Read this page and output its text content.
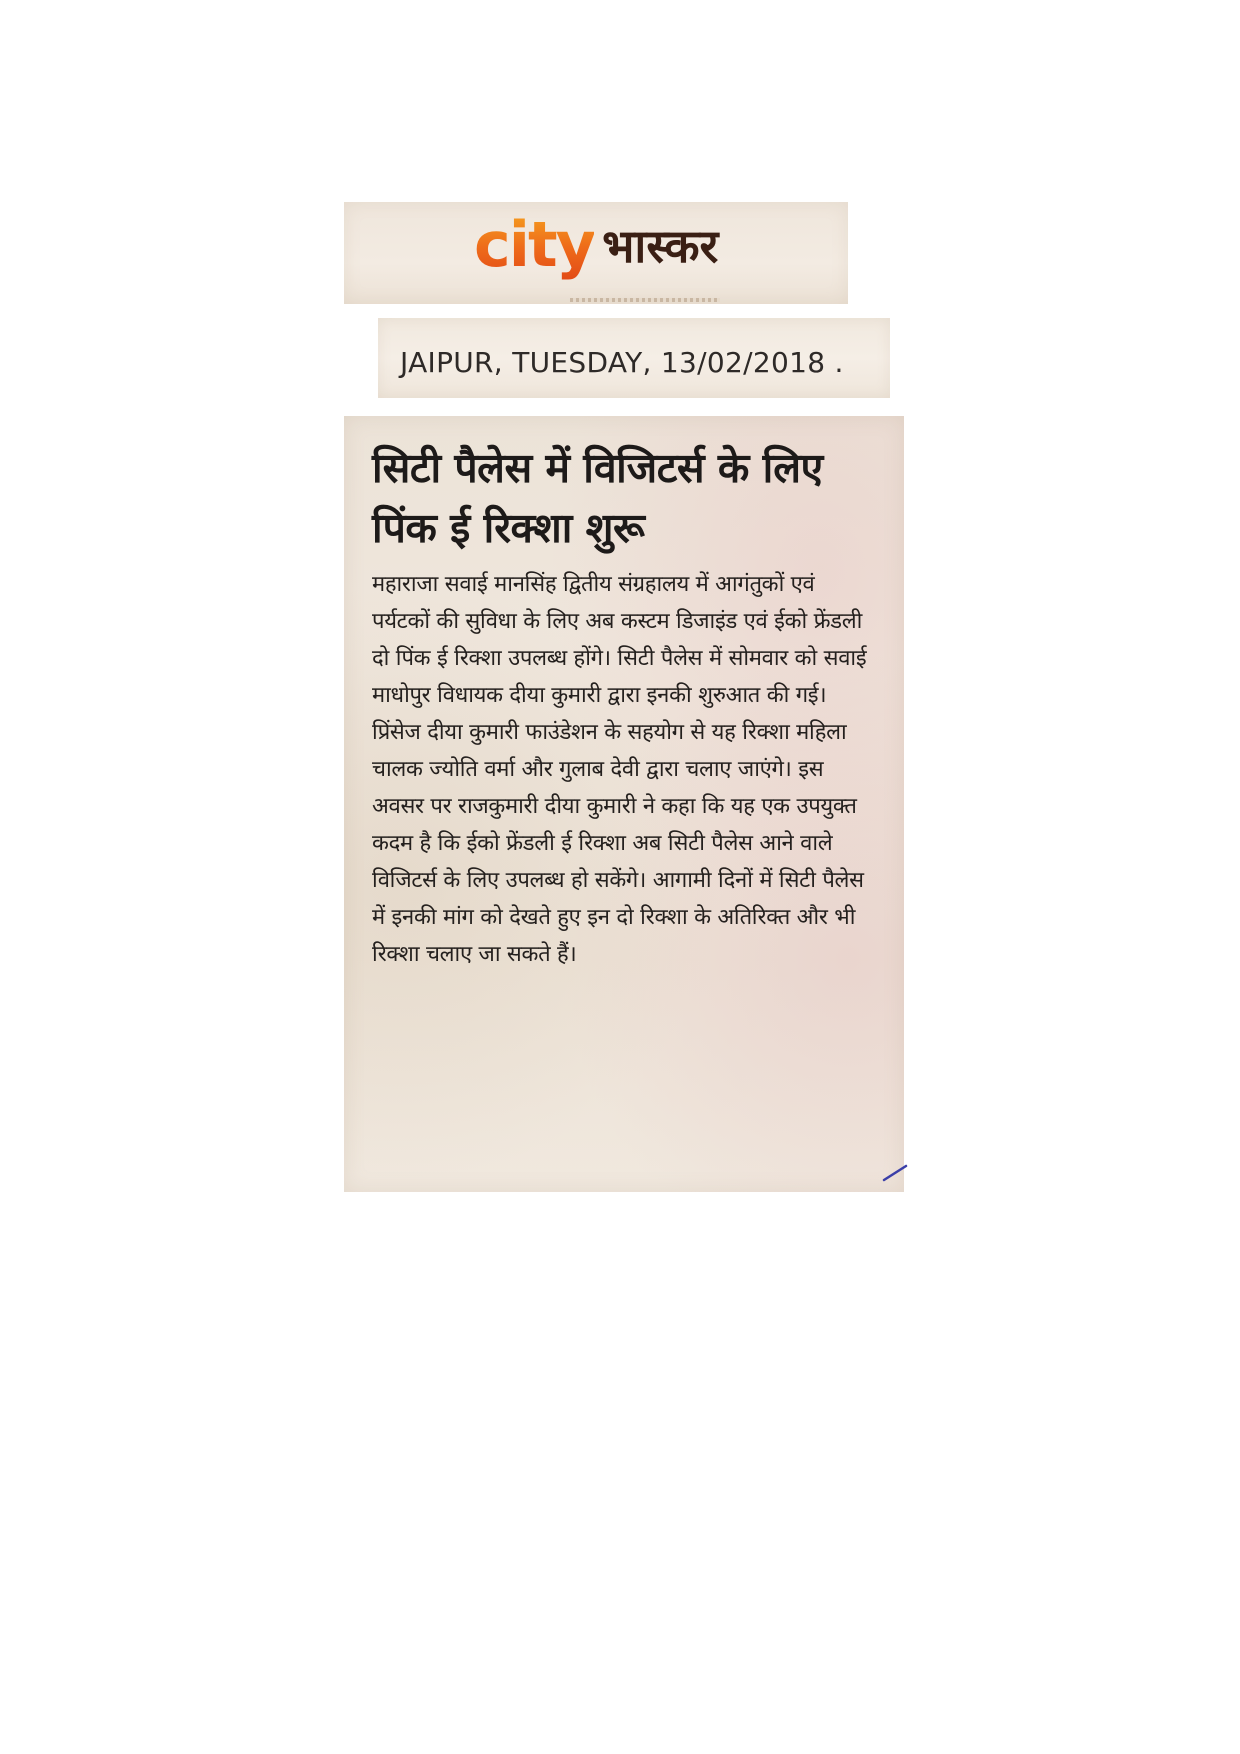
city भास्कर
JAIPUR, TUESDAY, 13/02/2018 .
सिटी पैलेस में विजिटर्स के लिए पिंक ई रिक्शा शुरू

महाराजा सवाई मानसिंह द्वितीय संग्रहालय में आगंतुकों एवं पर्यटकों की सुविधा के लिए अब कस्टम डिजाइंड एवं ईको फ्रेंडली दो पिंक ई रिक्शा उपलब्ध होंगे। सिटी पैलेस में सोमवार को सवाई माधोपुर विधायक दीया कुमारी द्वारा इनकी शुरुआत की गई। प्रिंसेज दीया कुमारी फाउंडेशन के सहयोग से यह रिक्शा महिला चालक ज्योति वर्मा और गुलाब देवी द्वारा चलाए जाएंगे। इस अवसर पर राजकुमारी दीया कुमारी ने कहा कि यह एक उपयुक्त कदम है कि ईको फ्रेंडली ई रिक्शा अब सिटी पैलेस आने वाले विजिटर्स के लिए उपलब्ध हो सकेंगे। आगामी दिनों में सिटी पैलेस में इनकी मांग को देखते हुए इन दो रिक्शा के अतिरिक्त और भी रिक्शा चलाए जा सकते हैं।
